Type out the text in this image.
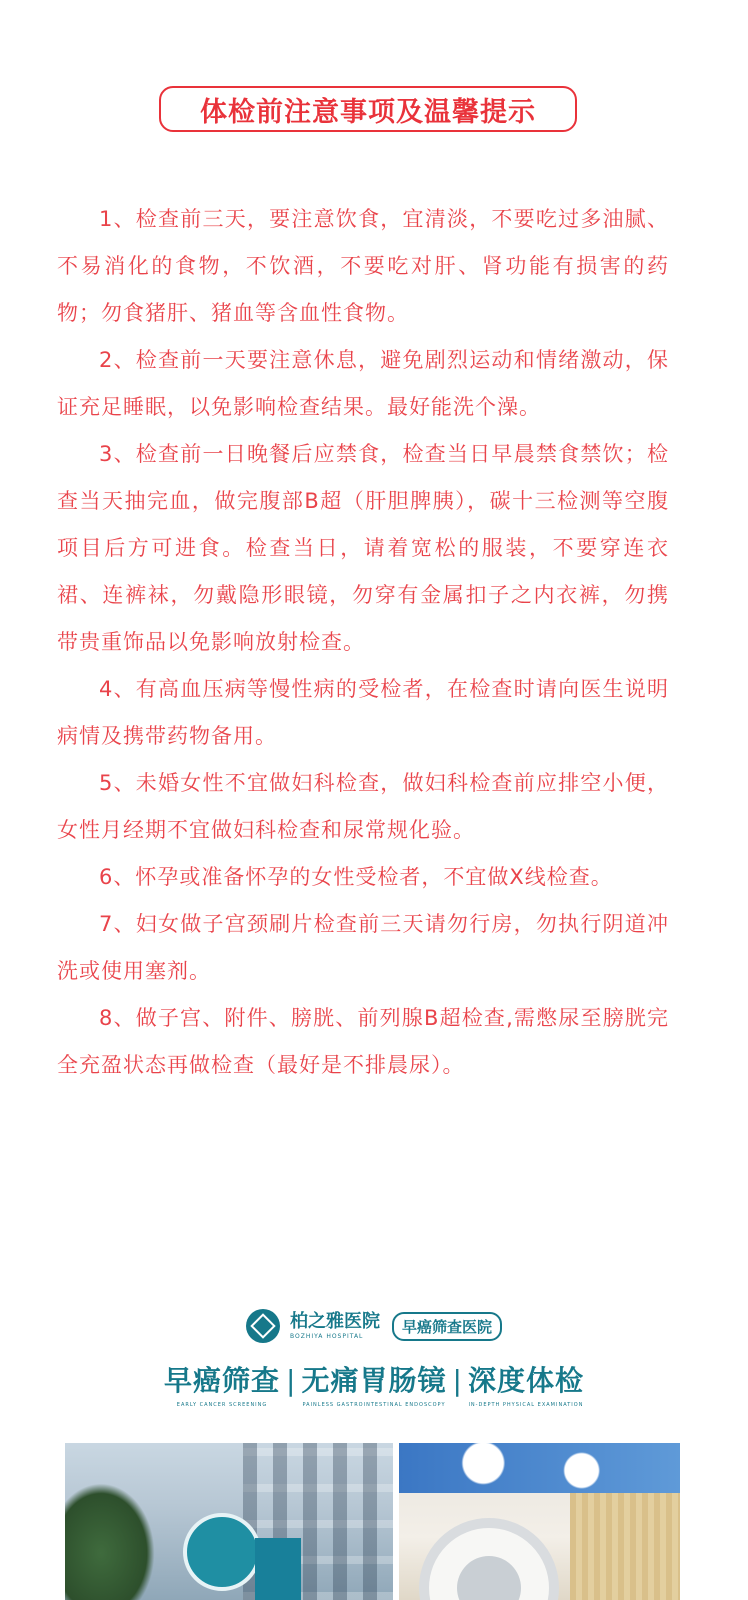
体检前注意事项及温馨提示

1、检查前三天，要注意饮食，宜清淡，不要吃过多油腻、不易消化的食物，不饮酒，不要吃对肝、肾功能有损害的药物；勿食猪肝、猪血等含血性食物。

2、检查前一天要注意休息，避免剧烈运动和情绪激动，保证充足睡眠，以免影响检查结果。最好能洗个澡。

3、检查前一日晚餐后应禁食，检查当日早晨禁食禁饮；检查当天抽完血，做完腹部B超（肝胆脾胰），碳十三检测等空腹项目后方可进食。检查当日，请着宽松的服装，不要穿连衣裙、连裤袜，勿戴隐形眼镜，勿穿有金属扣子之内衣裤，勿携带贵重饰品以免影响放射检查。

4、有高血压病等慢性病的受检者，在检查时请向医生说明病情及携带药物备用。

5、未婚女性不宜做妇科检查，做妇科检查前应排空小便，女性月经期不宜做妇科检查和尿常规化验。

6、怀孕或准备怀孕的女性受检者，不宜做X线检查。

7、妇女做子宫颈刷片检查前三天请勿行房，勿执行阴道冲洗或使用塞剂。

8、做子宫、附件、膀胱、前列腺B超检查,需憋尿至膀胱完全充盈状态再做检查（最好是不排晨尿）。

柏之雅医院
BOZHIYA HOSPITAL
早癌筛查医院
早癌筛查
EARLY CANCER SCREENING
| 无痛胃肠镜
PAINLESS GASTROINTESTINAL ENDOSCOPY
| 深度体检
IN-DEPTH PHYSICAL EXAMINATION
